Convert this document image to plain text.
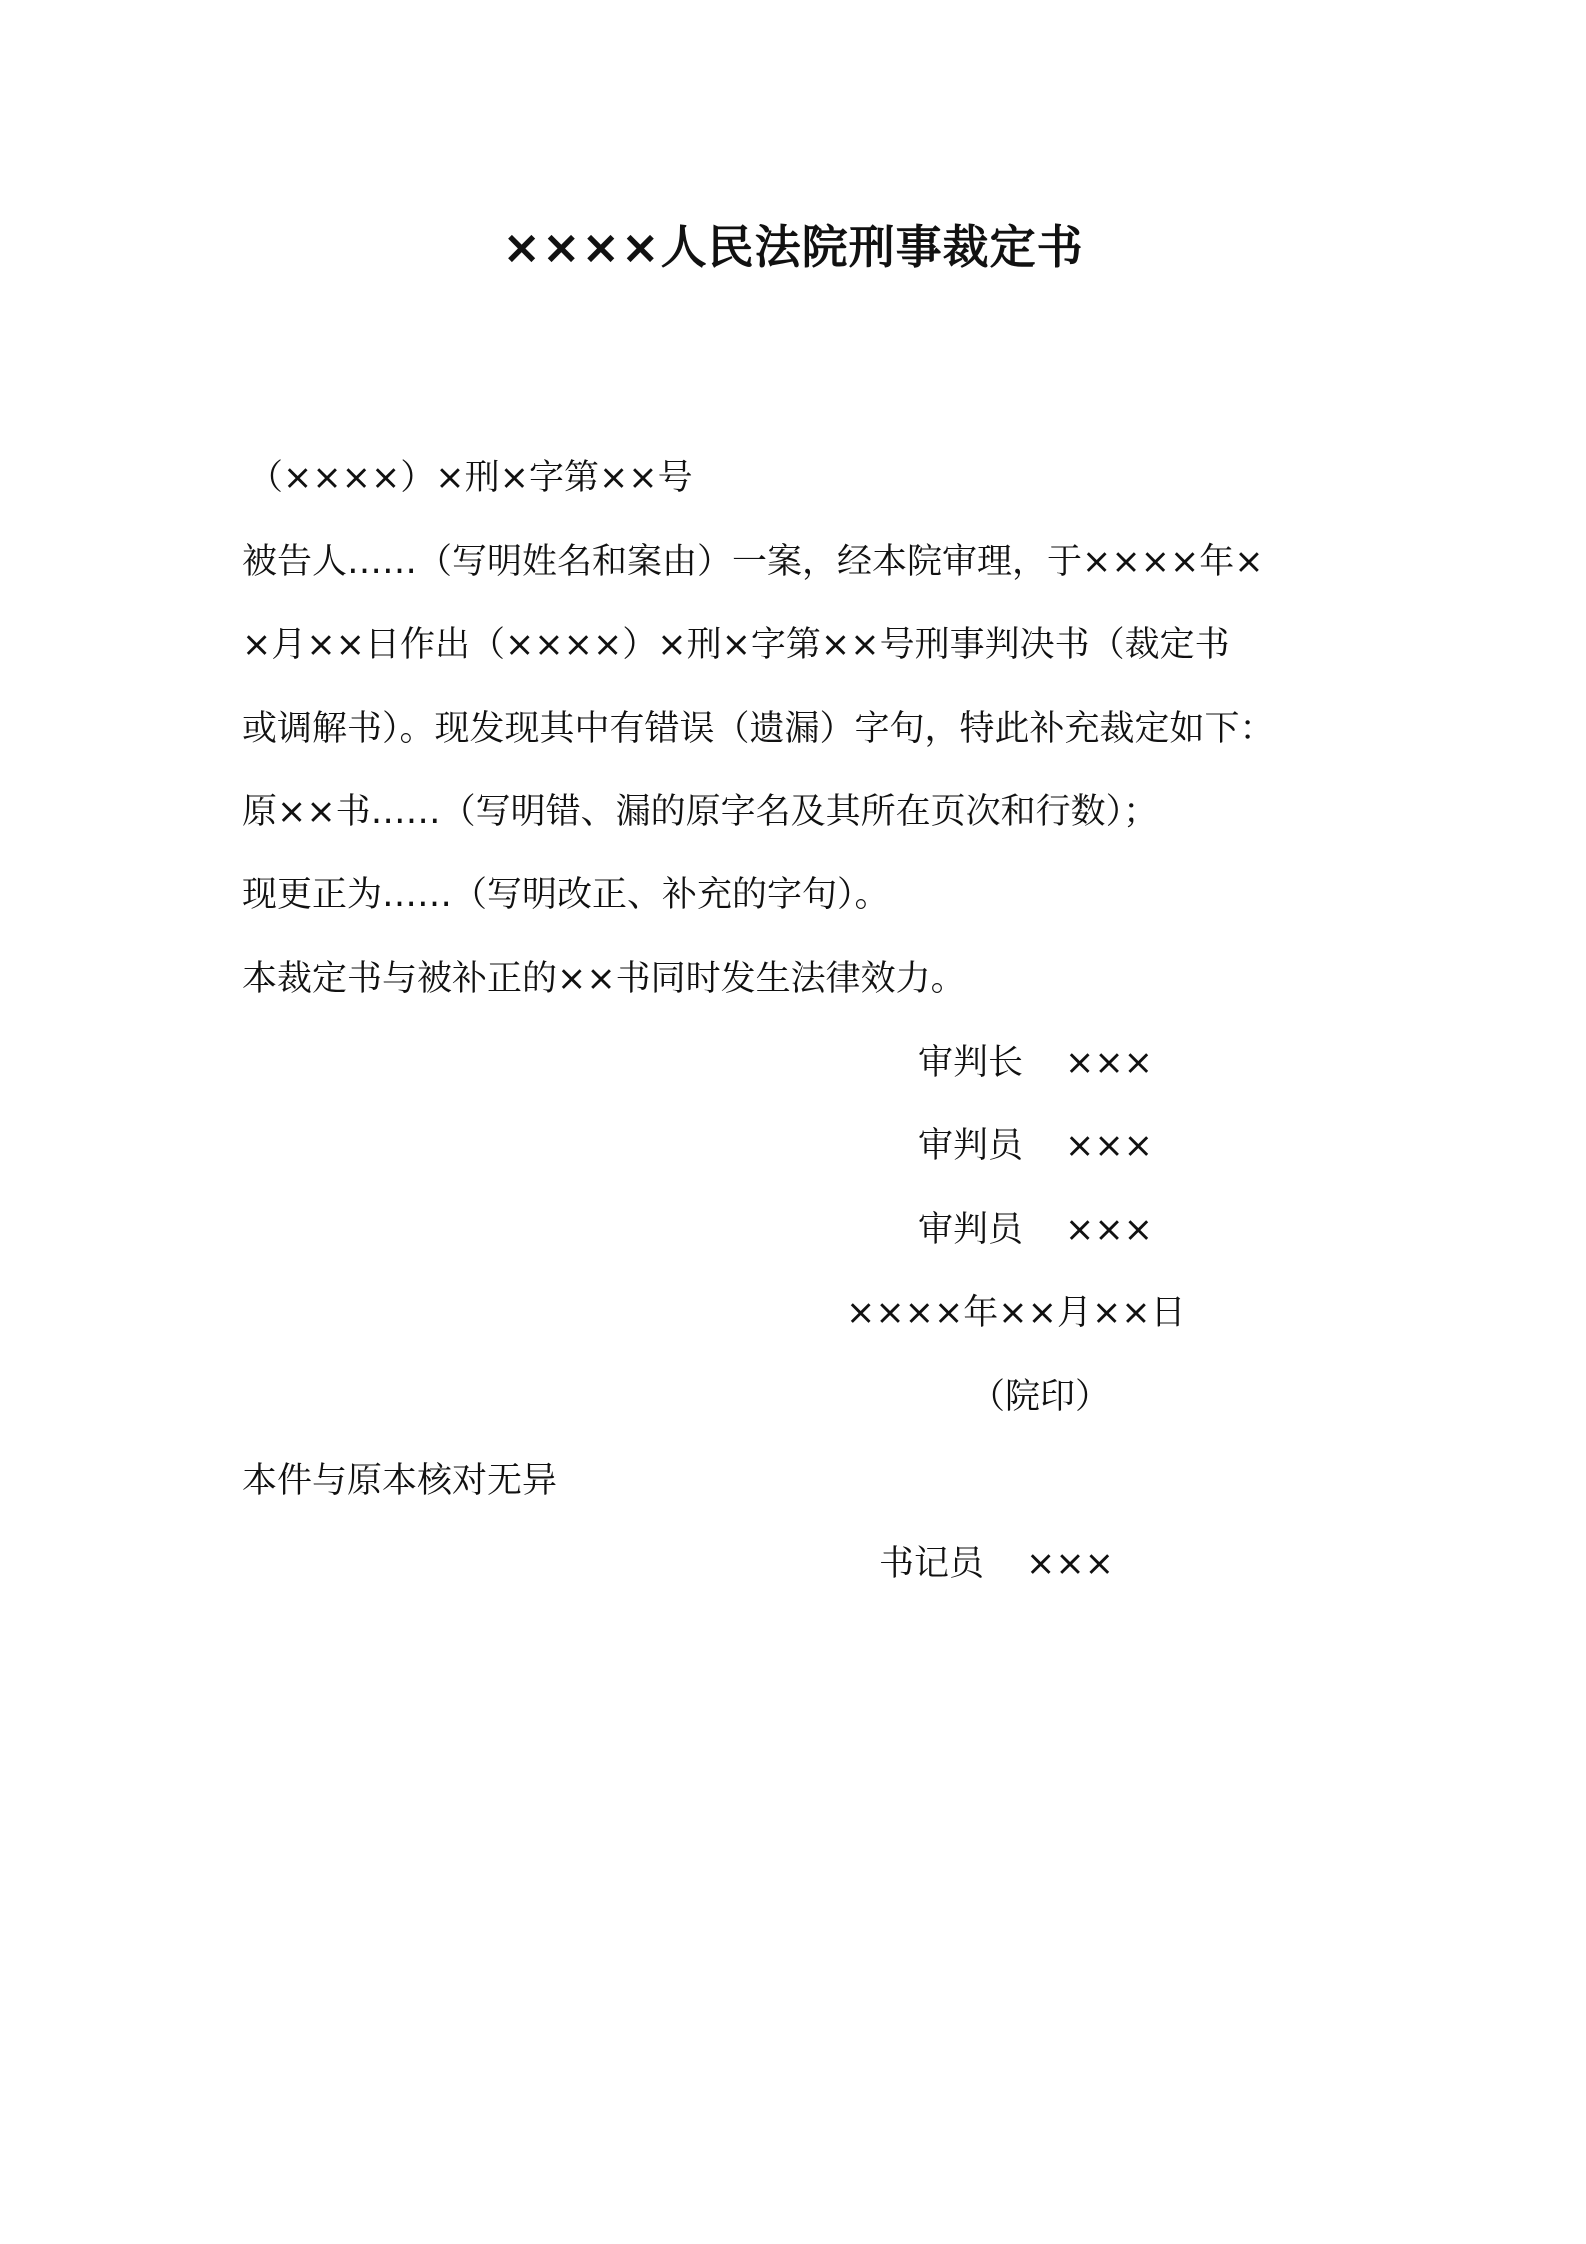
××××人民法院刑事裁定书
（××××）×刑×字第××号
被告人……（写明姓名和案由）一案，经本院审理，于××××年×
×月××日作出（××××）×刑×字第××号刑事判决书（裁定书
或调解书）。现发现其中有错误（遗漏）字句，特此补充裁定如下：
原××书……（写明错、漏的原字名及其所在页次和行数）；
现更正为……（写明改正、补充的字句）。
本裁定书与被补正的××书同时发生法律效力。
审判长 ×××
审判员 ×××
审判员 ×××
××××年××月××日
（院印）
本件与原本核对无异
书记员 ×××
